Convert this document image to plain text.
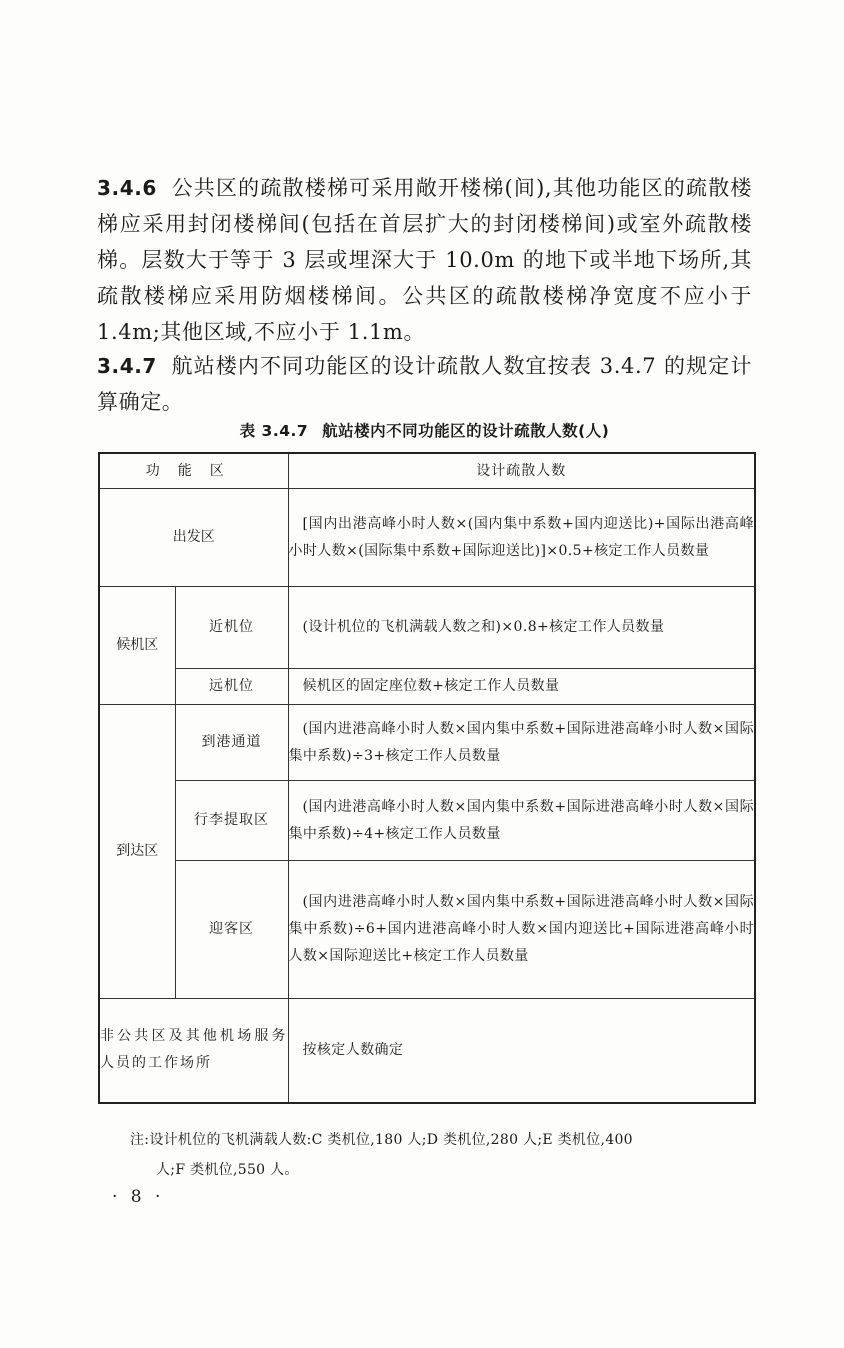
3.4.6 公共区的疏散楼梯可采用敞开楼梯(间),其他功能区的疏散楼梯应采用封闭楼梯间(包括在首层扩大的封闭楼梯间)或室外疏散楼梯。层数大于等于 3 层或埋深大于 10.0m 的地下或半地下场所,其疏散楼梯应采用防烟楼梯间。公共区的疏散楼梯净宽度不应小于 1.4m;其他区域,不应小于 1.1m。

3.4.7 航站楼内不同功能区的设计疏散人数宜按表 3.4.7 的规定计算确定。

表 3.4.7 航站楼内不同功能区的设计疏散人数(人)
功能区		设计疏散人数
出发区		[国内出港高峰小时人数×(国内集中系数+国内迎送比)+国际出港高峰小时人数×(国际集中系数+国际迎送比)]×0.5+核定工作人员数量
候机区	近机位	(设计机位的飞机满载人数之和)×0.8+核定工作人员数量
	远机位	候机区的固定座位数+核定工作人员数量
到达区	到港通道	(国内进港高峰小时人数×国内集中系数+国际进港高峰小时人数×国际集中系数)÷3+核定工作人员数量
	行李提取区	(国内进港高峰小时人数×国内集中系数+国际进港高峰小时人数×国际集中系数)÷4+核定工作人员数量
	迎客区	(国内进港高峰小时人数×国内集中系数+国际进港高峰小时人数×国际集中系数)÷6+国内进港高峰小时人数×国内迎送比+国际进港高峰小时人数×国际迎送比+核定工作人员数量
非公共区及其他机场服务人员的工作场所		按核定人数确定

注:设计机位的飞机满载人数:C 类机位,180 人;D 类机位,280 人;E 类机位,400
人;F 类机位,550 人。

· 8 ·
